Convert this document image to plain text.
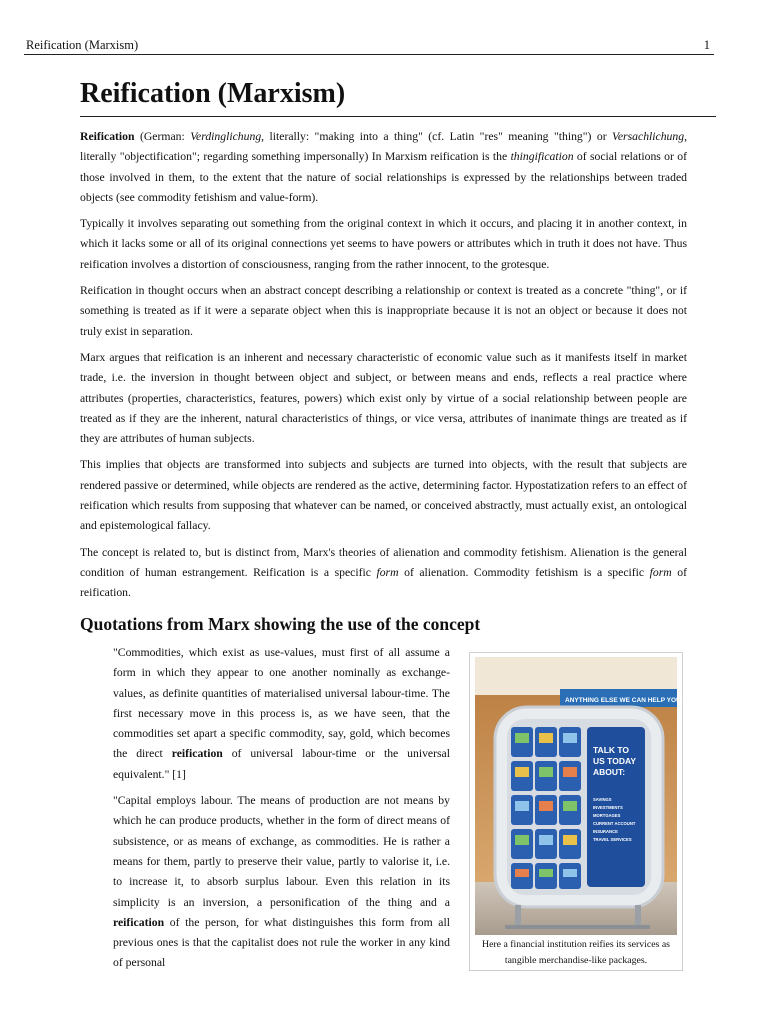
Reification (Marxism)	1
Reification (Marxism)

Reification (German: Verdinglichung, literally: "making into a thing" (cf. Latin "res" meaning "thing") or Versachlichung, literally "objectification"; regarding something impersonally) In Marxism reification is the thingification of social relations or of those involved in them, to the extent that the nature of social relationships is expressed by the relationships between traded objects (see commodity fetishism and value-form).

Typically it involves separating out something from the original context in which it occurs, and placing it in another context, in which it lacks some or all of its original connections yet seems to have powers or attributes which in truth it does not have. Thus reification involves a distortion of consciousness, ranging from the rather innocent, to the grotesque.

Reification in thought occurs when an abstract concept describing a relationship or context is treated as a concrete "thing", or if something is treated as if it were a separate object when this is inappropriate because it is not an object or because it does not truly exist in separation.

Marx argues that reification is an inherent and necessary characteristic of economic value such as it manifests itself in market trade, i.e. the inversion in thought between object and subject, or between means and ends, reflects a real practice where attributes (properties, characteristics, features, powers) which exist only by virtue of a social relationship between people are treated as if they are the inherent, natural characteristics of things, or vice versa, attributes of inanimate things are treated as if they are attributes of human subjects.

This implies that objects are transformed into subjects and subjects are turned into objects, with the result that subjects are rendered passive or determined, while objects are rendered as the active, determining factor. Hypostatization refers to an effect of reification which results from supposing that whatever can be named, or conceived abstractly, must actually exist, an ontological and epistemological fallacy.

The concept is related to, but is distinct from, Marx's theories of alienation and commodity fetishism. Alienation is the general condition of human estrangement. Reification is a specific form of alienation. Commodity fetishism is a specific form of reification.

Quotations from Marx showing the use of the concept

"Commodities, which exist as use-values, must first of all assume a form in which they appear to one another nominally as exchange-values, as definite quantities of materialised universal labour-time. The first necessary move in this process is, as we have seen, that the commodities set apart a specific commodity, say, gold, which becomes the direct reification of universal labour-time or the universal equivalent." [1]

"Capital employs labour. The means of production are not means by which he can produce products, whether in the form of direct means of subsistence, or as means of exchange, as commodities. He is rather a means for them, partly to preserve their value, partly to valorise it, i.e. to increase it, to absorb surplus labour. Even this relation in its simplicity is an inversion, a personification of the thing and a reification of the person, for what distinguishes this form from all previous ones is that the capitalist does not rule the worker in any kind of personal

ANYTHING ELSE WE CAN HELP YOU WITH
TALK TO
US TODAY
ABOUT:
SAVINGS
INVESTMENTS
MORTGAGES
CURRENT ACCOUNT
INSURANCE
TRAVEL SERVICES
Here a financial institution reifies its services as tangible merchandise-like packages.
